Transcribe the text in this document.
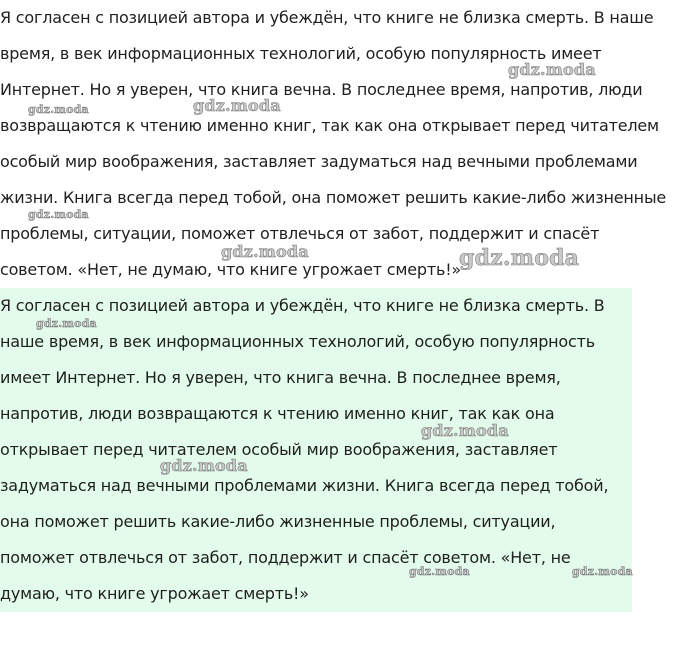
Я согласен с позицией автора и убеждён, что книге не близка смерть. В наше
время, в век информационных технологий, особую популярность имеет
Интернет. Но я уверен, что книга вечна. В последнее время, напротив, люди
возвращаются к чтению именно книг, так как она открывает перед читателем
особый мир воображения, заставляет задуматься над вечными проблемами
жизни. Книга всегда перед тобой, она поможет решить какие-либо жизненные
проблемы, ситуации, поможет отвлечься от забот, поддержит и спасёт
советом. «Нет, не думаю, что книге угрожает смерть!»
Я согласен с позицией автора и убеждён, что книге не близка смерть. В
наше время, в век информационных технологий, особую популярность
имеет Интернет. Но я уверен, что книга вечна. В последнее время,
напротив, люди возвращаются к чтению именно книг, так как она
открывает перед читателем особый мир воображения, заставляет
задуматься над вечными проблемами жизни. Книга всегда перед тобой,
она поможет решить какие-либо жизненные проблемы, ситуации,
поможет отвлечься от забот, поддержит и спасёт советом. «Нет, не
думаю, что книге угрожает смерть!»
gdz.moda
gdz.moda	gdz.moda
gdz.moda
gdz.moda	gdz.moda
gdz.moda
gdz.moda
gdz.moda
gdz.moda	gdz.moda
